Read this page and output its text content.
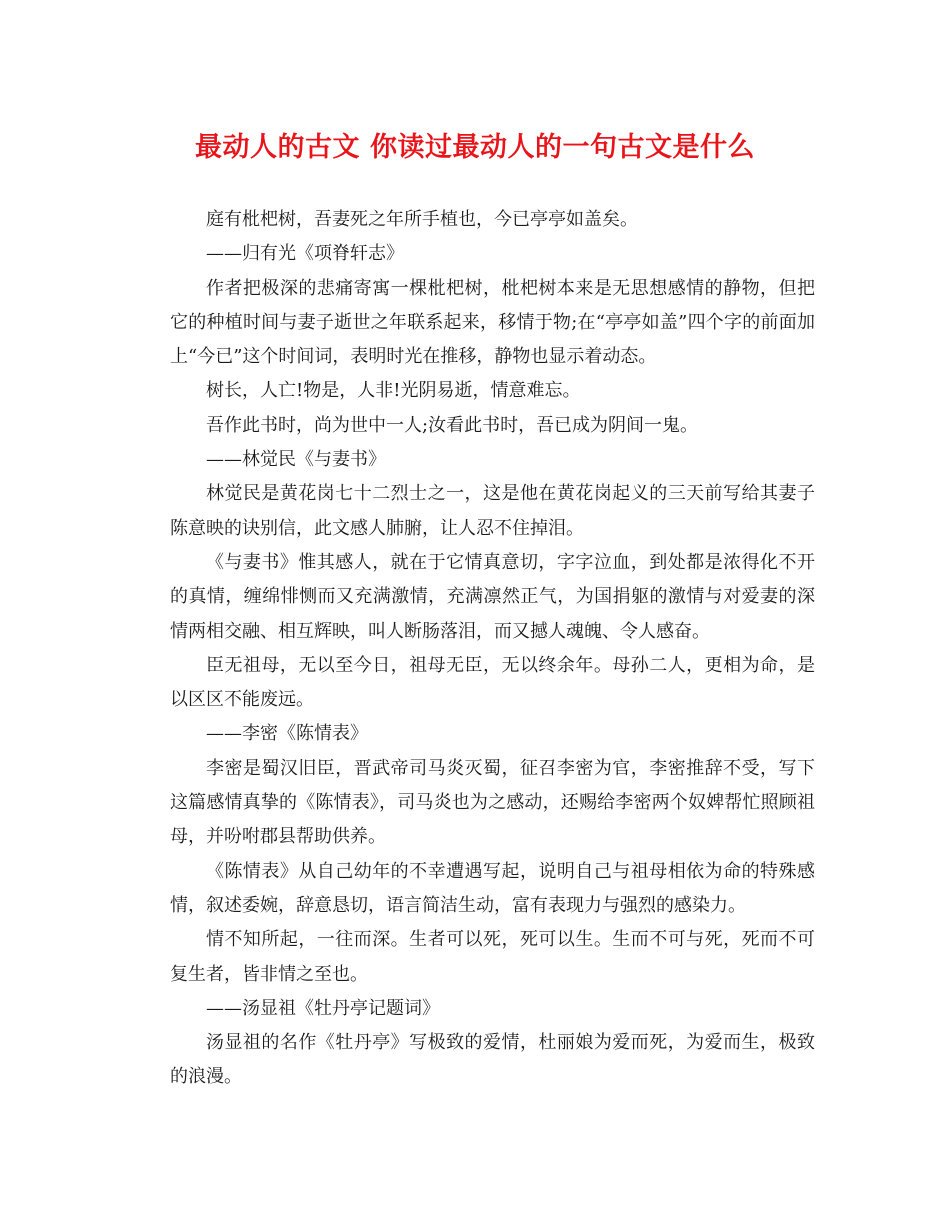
最动人的古文 你读过最动人的一句古文是什么

庭有枇杷树，吾妻死之年所手植也，今已亭亭如盖矣。

——归有光《项脊轩志》

作者把极深的悲痛寄寓一棵枇杷树，枇杷树本来是无思想感情的静物，但把它的种植时间与妻子逝世之年联系起来，移情于物;在“亭亭如盖”四个字的前面加上“今已”这个时间词，表明时光在推移，静物也显示着动态。

树长，人亡!物是，人非!光阴易逝，情意难忘。

吾作此书时，尚为世中一人;汝看此书时，吾已成为阴间一鬼。

——林觉民《与妻书》

林觉民是黄花岗七十二烈士之一，这是他在黄花岗起义的三天前写给其妻子陈意映的诀别信，此文感人肺腑，让人忍不住掉泪。

《与妻书》惟其感人，就在于它情真意切，字字泣血，到处都是浓得化不开的真情，缠绵悱恻而又充满激情，充满凛然正气，为国捐躯的激情与对爱妻的深情两相交融、相互辉映，叫人断肠落泪，而又撼人魂魄、令人感奋。

臣无祖母，无以至今日，祖母无臣，无以终余年。母孙二人，更相为命，是以区区不能废远。

——李密《陈情表》

李密是蜀汉旧臣，晋武帝司马炎灭蜀，征召李密为官，李密推辞不受，写下这篇感情真挚的《陈情表》，司马炎也为之感动，还赐给李密两个奴婢帮忙照顾祖母，并吩咐郡县帮助供养。

《陈情表》从自己幼年的不幸遭遇写起，说明自己与祖母相依为命的特殊感情，叙述委婉，辞意恳切，语言简洁生动，富有表现力与强烈的感染力。

情不知所起，一往而深。生者可以死，死可以生。生而不可与死，死而不可复生者，皆非情之至也。

——汤显祖《牡丹亭记题词》

汤显祖的名作《牡丹亭》写极致的爱情，杜丽娘为爱而死，为爱而生，极致的浪漫。
